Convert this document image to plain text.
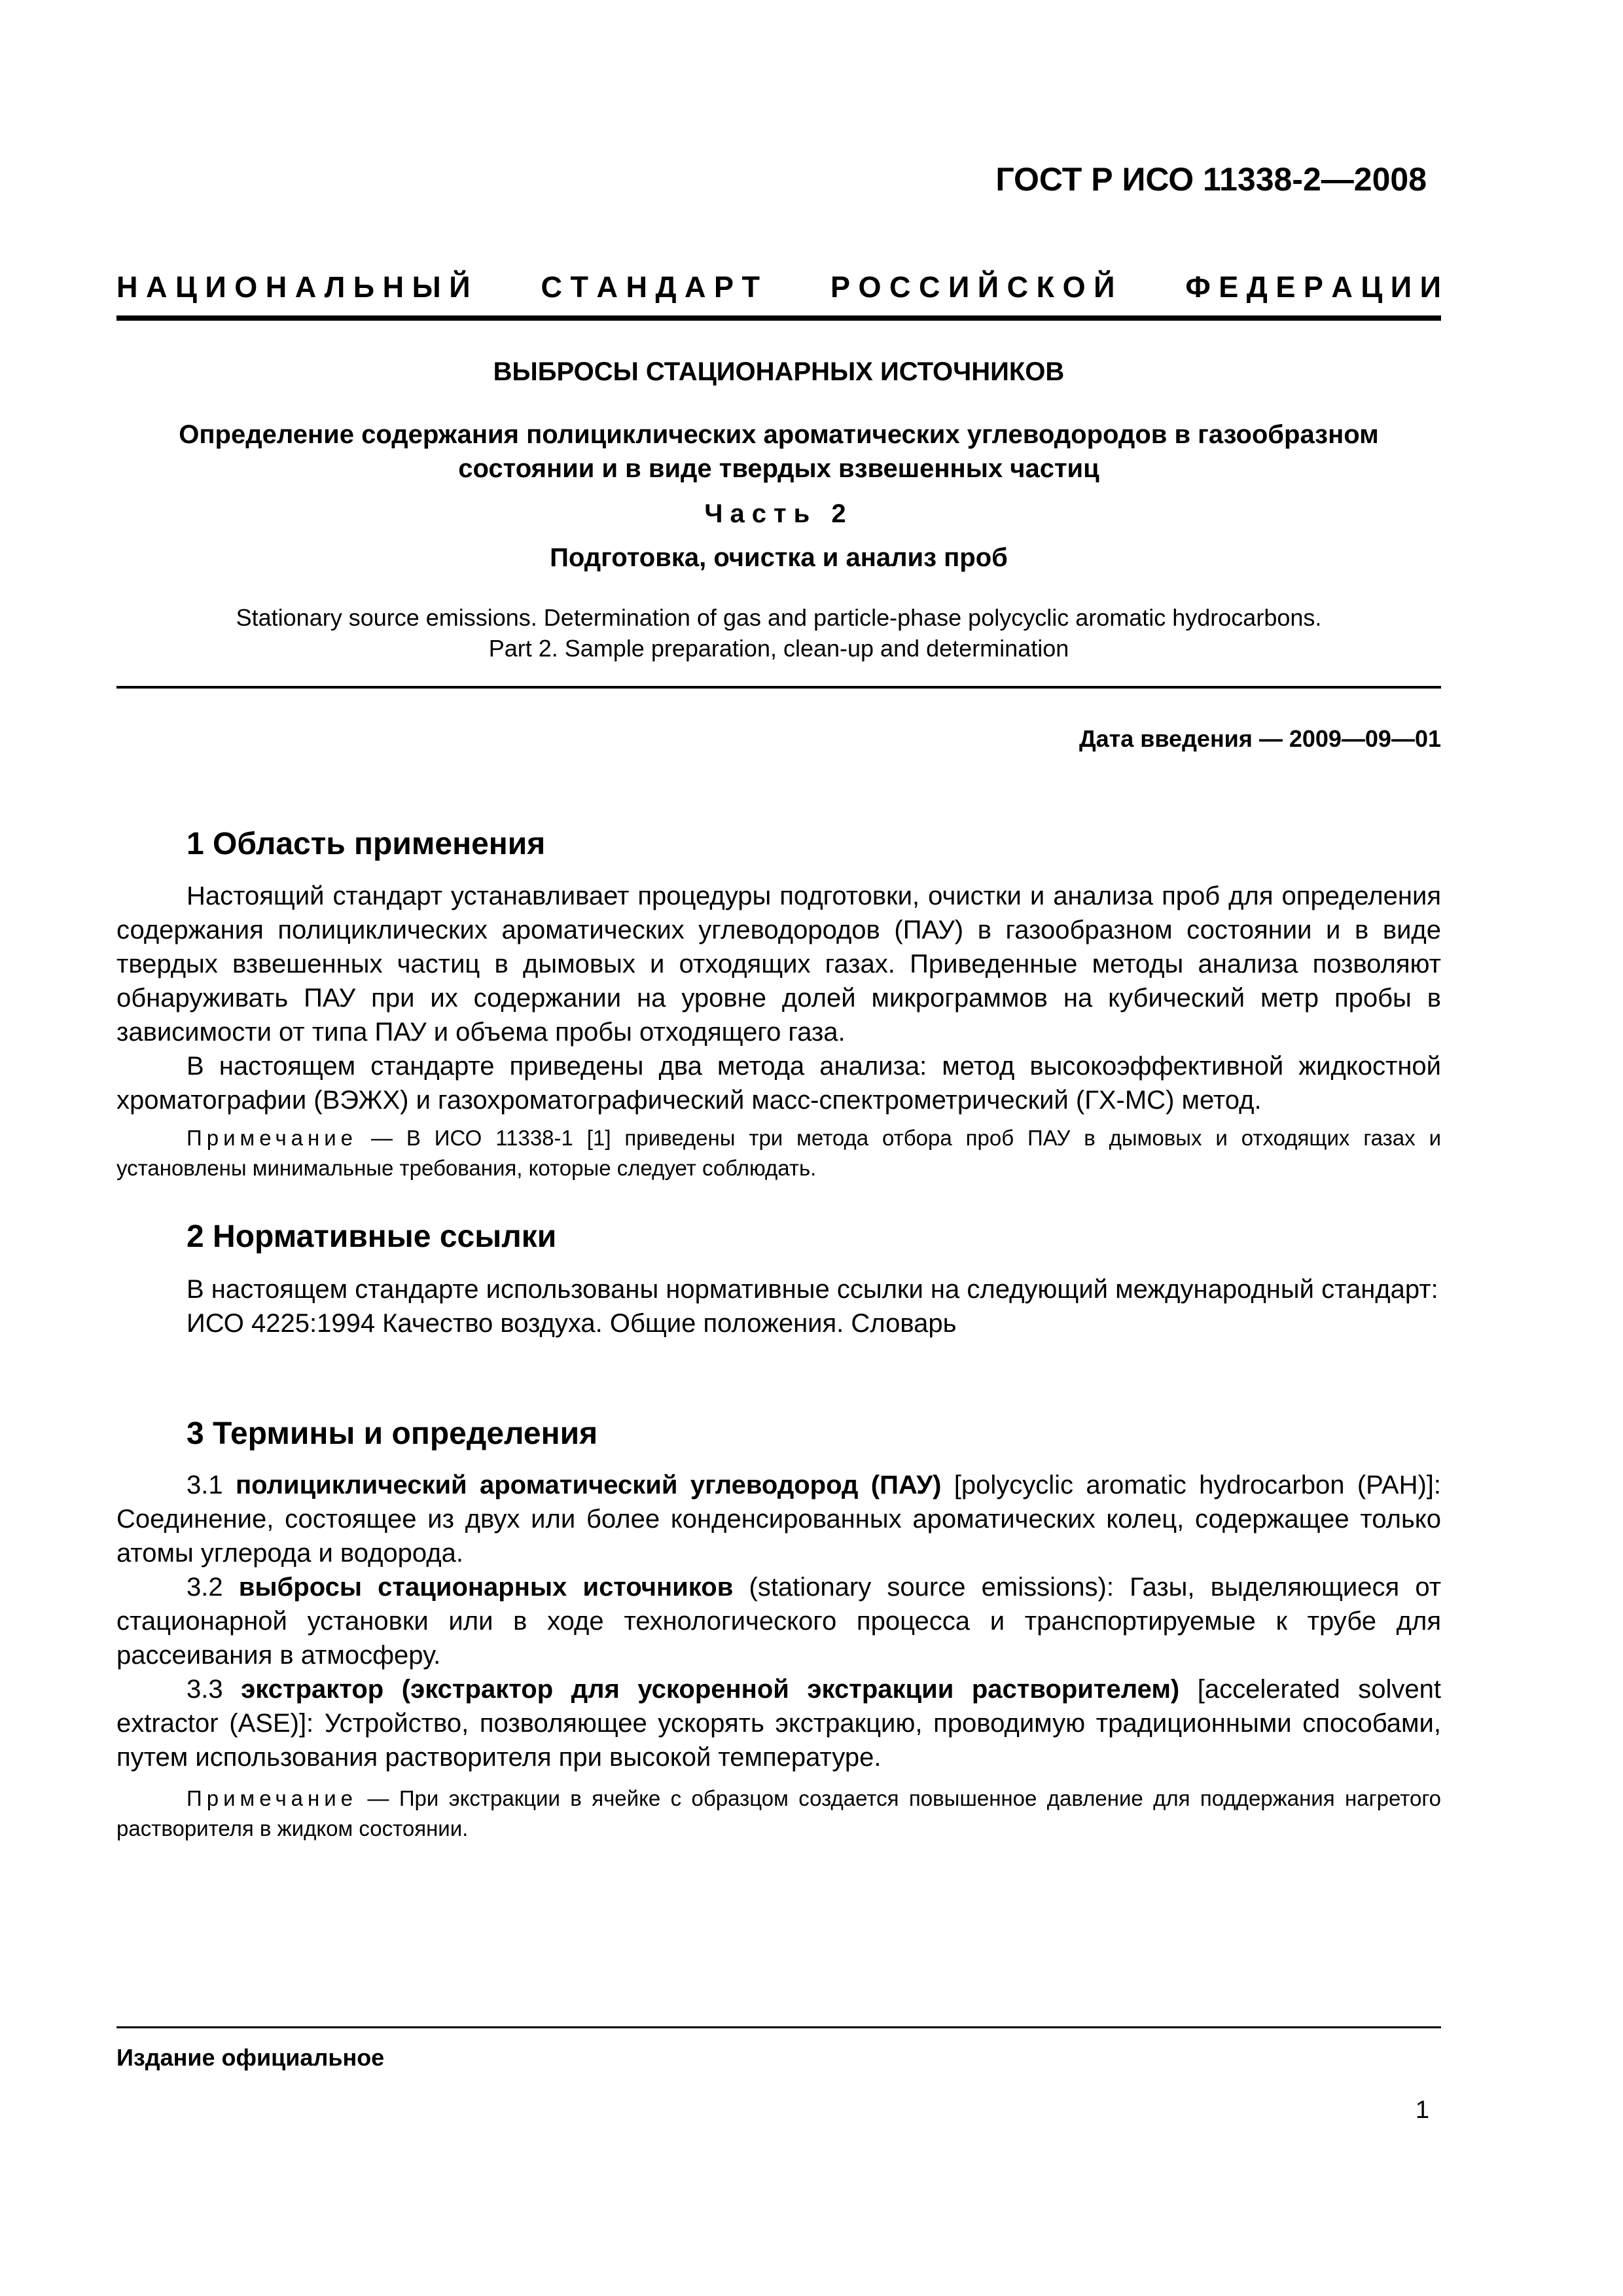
ГОСТ Р ИСО 11338-2—2008
Н А Ц И О Н А Л Ь Н Ы Й С Т А Н Д А Р Т Р О С С И Й С К О Й Ф Е Д Е Р А Ц И И
ВЫБРОСЫ СТАЦИОНАРНЫХ ИСТОЧНИКОВ
Определение содержания полициклических ароматических углеводородов в газообразном
состоянии и в виде твердых взвешенных частиц
Часть 2
Подготовка, очистка и анализ проб
Stationary source emissions. Determination of gas and particle-phase polycyclic aromatic hydrocarbons.
Part 2. Sample preparation, clean-up and determination
Дата введения — 2009—09—01
1 Область применения

Настоящий стандарт устанавливает процедуры подготовки, очистки и анализа проб для определения содержания полициклических ароматических углеводородов (ПАУ) в газообразном состоянии и в виде твердых взвешенных частиц в дымовых и отходящих газах. Приведенные методы анализа позволяют обнаруживать ПАУ при их содержании на уровне долей микрограммов на кубический метр пробы в зависимости от типа ПАУ и объема пробы отходящего газа.

В настоящем стандарте приведены два метода анализа: метод высокоэффективной жидкостной хроматографии (ВЭЖХ) и газохроматографический масс-спектрометрический (ГХ-МС) метод.

Примечание — В ИСО 11338-1 [1] приведены три метода отбора проб ПАУ в дымовых и отходящих газах и установлены минимальные требования, которые следует соблюдать.

2 Нормативные ссылки

В настоящем стандарте использованы нормативные ссылки на следующий международный стандарт:

ИСО 4225:1994 Качество воздуха. Общие положения. Словарь

3 Термины и определения

3.1 полициклический ароматический углеводород (ПАУ) [polycyclic aromatic hydrocarbon (PAH)]: Соединение, состоящее из двух или более конденсированных ароматических колец, содержащее только атомы углерода и водорода.

3.2 выбросы стационарных источников (stationary source emissions): Газы, выделяющиеся от стационарной установки или в ходе технологического процесса и транспортируемые к трубе для рассеивания в атмосферу.

3.3 экстрактор (экстрактор для ускоренной экстракции растворителем) [accelerated solvent extractor (ASE)]: Устройство, позволяющее ускорять экстракцию, проводимую традиционными способами, путем использования растворителя при высокой температуре.

Примечание — При экстракции в ячейке с образцом создается повышенное давление для поддержания нагретого растворителя в жидком состоянии.

Издание официальное
1
